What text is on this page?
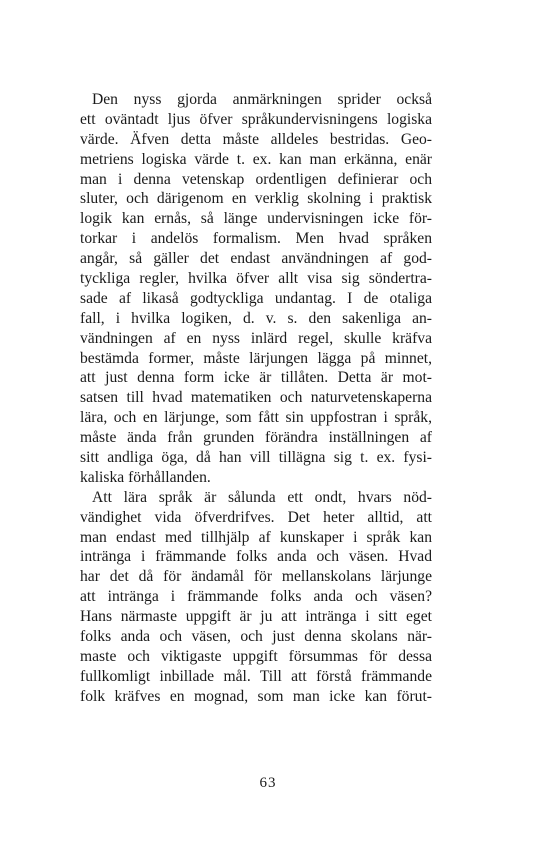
Den nyss gjorda anmärkningen sprider också
ett oväntadt ljus öfver språkundervisningens logiska
värde. Äfven detta måste alldeles bestridas. Geo-
metriens logiska värde t. ex. kan man erkänna, enär
man i denna vetenskap ordentligen definierar och
sluter, och därigenom en verklig skolning i praktisk
logik kan ernås, så länge undervisningen icke för-
torkar i andelös formalism. Men hvad språken
angår, så gäller det endast användningen af god-
tyckliga regler, hvilka öfver allt visa sig söndertra-
sade af likaså godtyckliga undantag. I de otaliga
fall, i hvilka logiken, d. v. s. den sakenliga an-
vändningen af en nyss inlärd regel, skulle kräfva
bestämda former, måste lärjungen lägga på minnet,
att just denna form icke är tillåten. Detta är mot-
satsen till hvad matematiken och naturvetenskaperna
lära, och en lärjunge, som fått sin uppfostran i språk,
måste ända från grunden förändra inställningen af
sitt andliga öga, då han vill tillägna sig t. ex. fysi-
kaliska förhållanden.
Att lära språk är sålunda ett ondt, hvars nöd-
vändighet vida öfverdrifves. Det heter alltid, att
man endast med tillhjälp af kunskaper i språk kan
intränga i främmande folks anda och väsen. Hvad
har det då för ändamål för mellanskolans lärjunge
att intränga i främmande folks anda och väsen?
Hans närmaste uppgift är ju att intränga i sitt eget
folks anda och väsen, och just denna skolans när-
maste och viktigaste uppgift försummas för dessa
fullkomligt inbillade mål. Till att förstå främmande
folk kräfves en mognad, som man icke kan förut-
63
